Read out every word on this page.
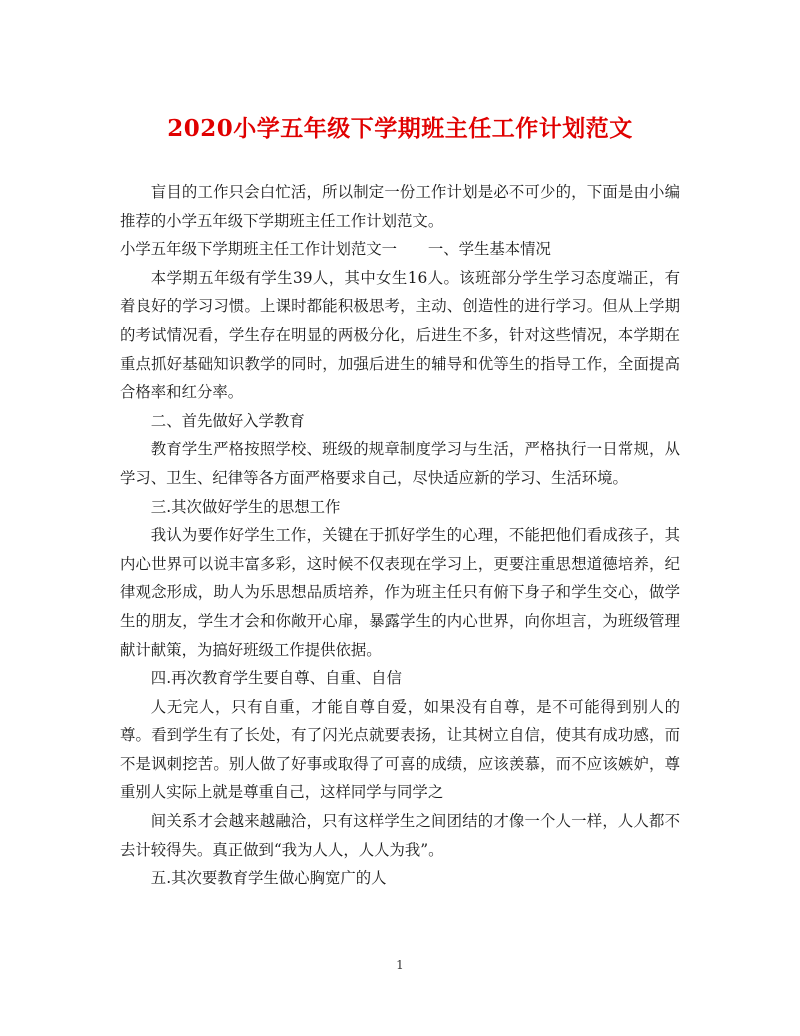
2020小学五年级下学期班主任工作计划范文

盲目的工作只会白忙活，所以制定一份工作计划是必不可少的，下面是由小编推荐的小学五年级下学期班主任工作计划范文。

小学五年级下学期班主任工作计划范文一　　一、学生基本情况

本学期五年级有学生39人，其中女生16人。该班部分学生学习态度端正，有着良好的学习习惯。上课时都能积极思考，主动、创造性的进行学习。但从上学期的考试情况看，学生存在明显的两极分化，后进生不多，针对这些情况，本学期在重点抓好基础知识教学的同时，加强后进生的辅导和优等生的指导工作，全面提高合格率和红分率。

二、首先做好入学教育

教育学生严格按照学校、班级的规章制度学习与生活，严格执行一日常规，从学习、卫生、纪律等各方面严格要求自己，尽快适应新的学习、生活环境。

三.其次做好学生的思想工作

我认为要作好学生工作，关键在于抓好学生的心理，不能把他们看成孩子，其内心世界可以说丰富多彩，这时候不仅表现在学习上，更要注重思想道德培养，纪律观念形成，助人为乐思想品质培养，作为班主任只有俯下身子和学生交心，做学生的朋友，学生才会和你敞开心扉，暴露学生的内心世界，向你坦言，为班级管理献计献策，为搞好班级工作提供依据。

四.再次教育学生要自尊、自重、自信

人无完人，只有自重，才能自尊自爱，如果没有自尊，是不可能得到别人的尊。看到学生有了长处，有了闪光点就要表扬，让其树立自信，使其有成功感，而不是讽刺挖苦。别人做了好事或取得了可喜的成绩，应该羡慕，而不应该嫉妒，尊重别人实际上就是尊重自己，这样同学与同学之

间关系才会越来越融洽，只有这样学生之间团结的才像一个人一样，人人都不去计较得失。真正做到“我为人人，人人为我”。

五.其次要教育学生做心胸宽广的人

1
